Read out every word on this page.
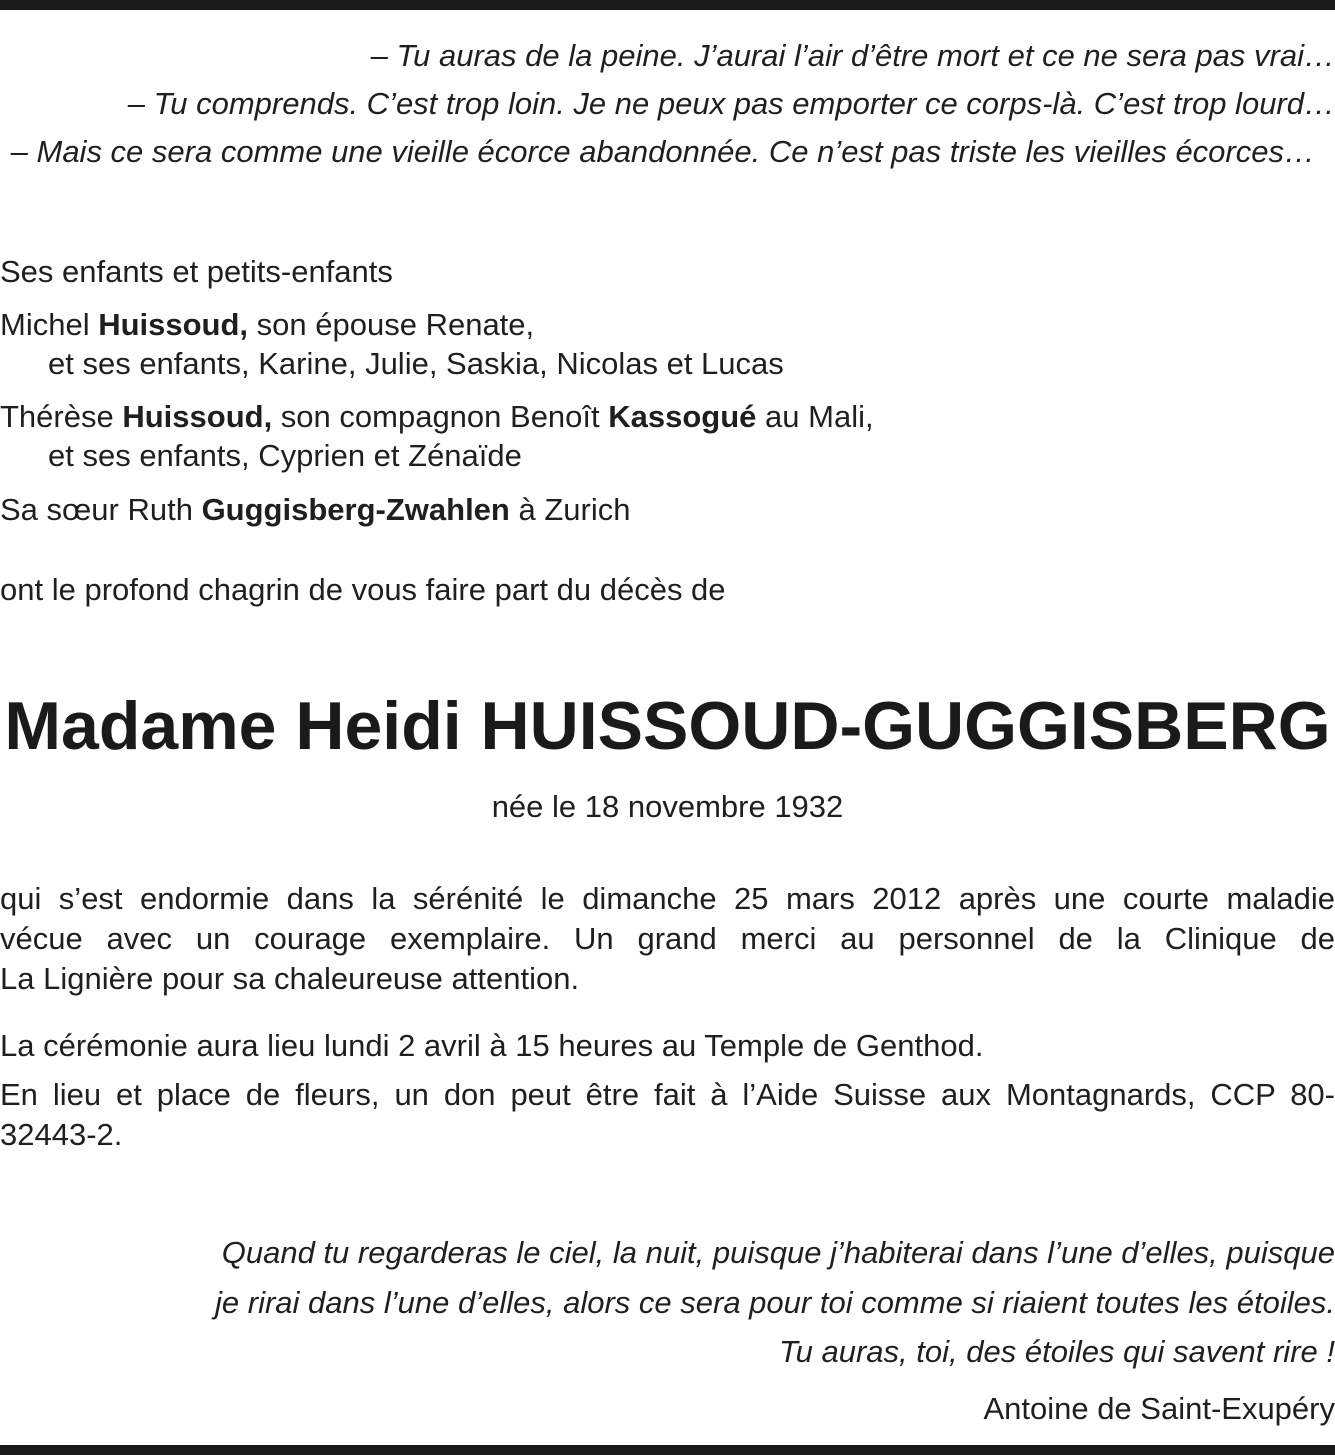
– Tu auras de la peine. J’aurai l’air d’être mort et ce ne sera pas vrai…
– Tu comprends. C’est trop loin. Je ne peux pas emporter ce corps-là. C’est trop lourd…
– Mais ce sera comme une vieille écorce abandonnée. Ce n’est pas triste les vieilles écorces…
Ses enfants et petits-enfants
Michel Huissoud, son épouse Renate,
et ses enfants, Karine, Julie, Saskia, Nicolas et Lucas
Thérèse Huissoud, son compagnon Benoît Kassogué au Mali,
et ses enfants, Cyprien et Zénaïde
Sa sœur Ruth Guggisberg-Zwahlen à Zurich
ont le profond chagrin de vous faire part du décès de
Madame Heidi HUISSOUD-GUGGISBERG
née le 18 novembre 1932
qui s’est endormie dans la sérénité le dimanche 25 mars 2012 après une courte maladie
vécue avec un courage exemplaire. Un grand merci au personnel de la Clinique de
La Lignière pour sa chaleureuse attention.
La cérémonie aura lieu lundi 2 avril à 15 heures au Temple de Genthod.
En lieu et place de fleurs, un don peut être fait à l’Aide Suisse aux Montagnards, CCP 80-
32443-2.
Quand tu regarderas le ciel, la nuit, puisque j’habiterai dans l’une d’elles, puisque
je rirai dans l’une d’elles, alors ce sera pour toi comme si riaient toutes les étoiles.
Tu auras, toi, des étoiles qui savent rire !
Antoine de Saint-Exupéry
